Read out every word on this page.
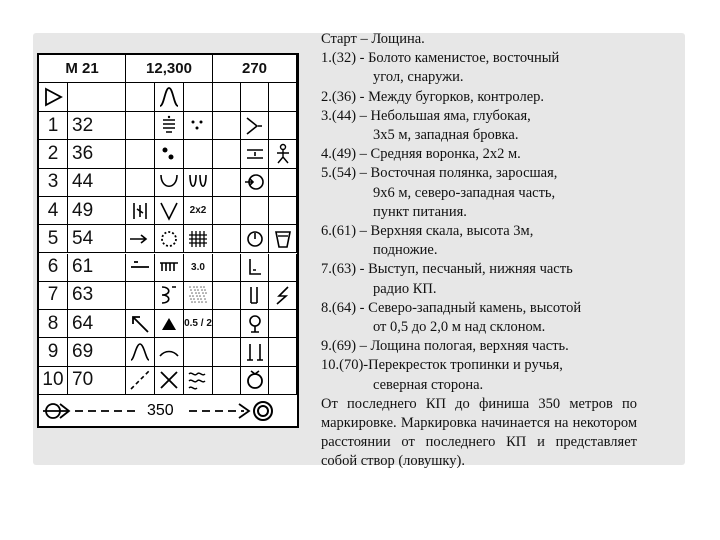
М 21	12,300	270
1 32
2 36
3 44
4 49	2x2
5 54
6 61	3.0
7 63
8 64	0.5 / 2
9 69
10 70
350
Старт – Лощина.
1.(32) - Болото каменистое, восточный
угол, снаружи.
2.(36) - Между бугорков, контролер.
3.(44) – Небольшая яма, глубокая,
3х5 м, западная бровка.
4.(49) – Средняя воронка, 2х2 м.
5.(54) – Восточная полянка, заросшая,
9х6 м, северо-западная часть,
пункт питания.
6.(61) – Верхняя скала, высота 3м,
подножие.
7.(63) - Выступ, песчаный, нижняя часть
радио КП.
8.(64) - Северо-западный камень, высотой
от 0,5 до 2,0 м над склоном.
9.(69) – Лощина пологая, верхняя часть.
10.(70)-Перекресток тропинки и ручья,
северная сторона.
От последнего КП до финиша 350 метров по маркировке. Маркировка начинается на некотором расстоянии от последнего КП и представляет собой створ (ловушку).
